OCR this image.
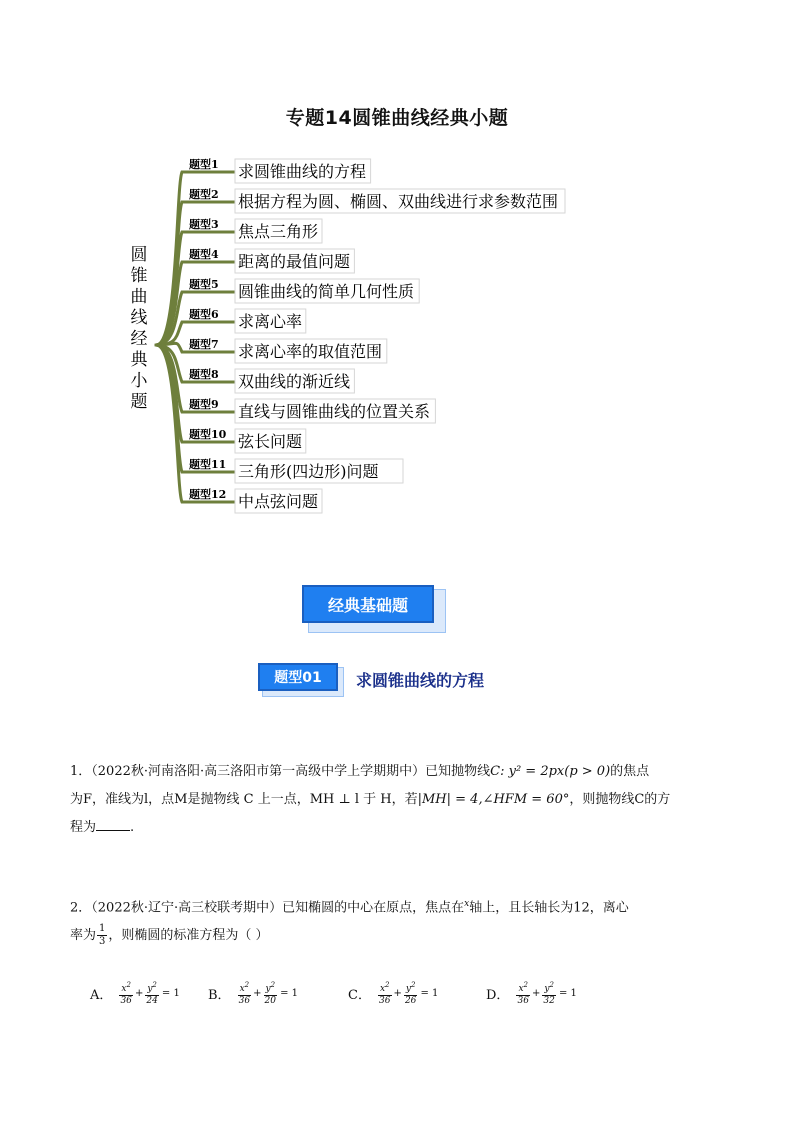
专题14圆锥曲线经典小题
圆
锥
曲
线
经
典
小
题
题型1 求圆锥曲线的方程
题型2 根据方程为圆、椭圆、双曲线进行求参数范围
题型3 焦点三角形
题型4 距离的最值问题
题型5 圆锥曲线的简单几何性质
题型6 求离心率
题型7 求离心率的取值范围
题型8 双曲线的渐近线
题型9 直线与圆锥曲线的位置关系
题型10 弦长问题
题型11 三角形(四边形)问题
题型12 中点弦问题
经典基础题
题型01	求圆锥曲线的方程
1．（2022秋·河南洛阳·高三洛阳市第一高级中学上学期期中）已知抛物线C: y² = 2px(p > 0)的焦点
为F，准线为l，点M是抛物线 C 上一点，MH ⊥ l 于 H，若|MH| = 4,∠HFM = 60°，则抛物线C的方
程为	.
2．（2022秋·辽宁·高三校联考期中）已知椭圆的中心在原点，焦点在$^x$轴上，且长轴长为12，离心
率为 $\frac{1}{3}$ ，则椭圆的标准方程为（ ）
A． $\frac{x^2}{36} + \frac{y^2}{24} = 1$ B． $\frac{x^2}{36} + \frac{y^2}{20} = 1$	C． $\frac{x^2}{36} + \frac{y^2}{26} = 1$	D． $\frac{x^2}{36} + \frac{y^2}{32} = 1$
